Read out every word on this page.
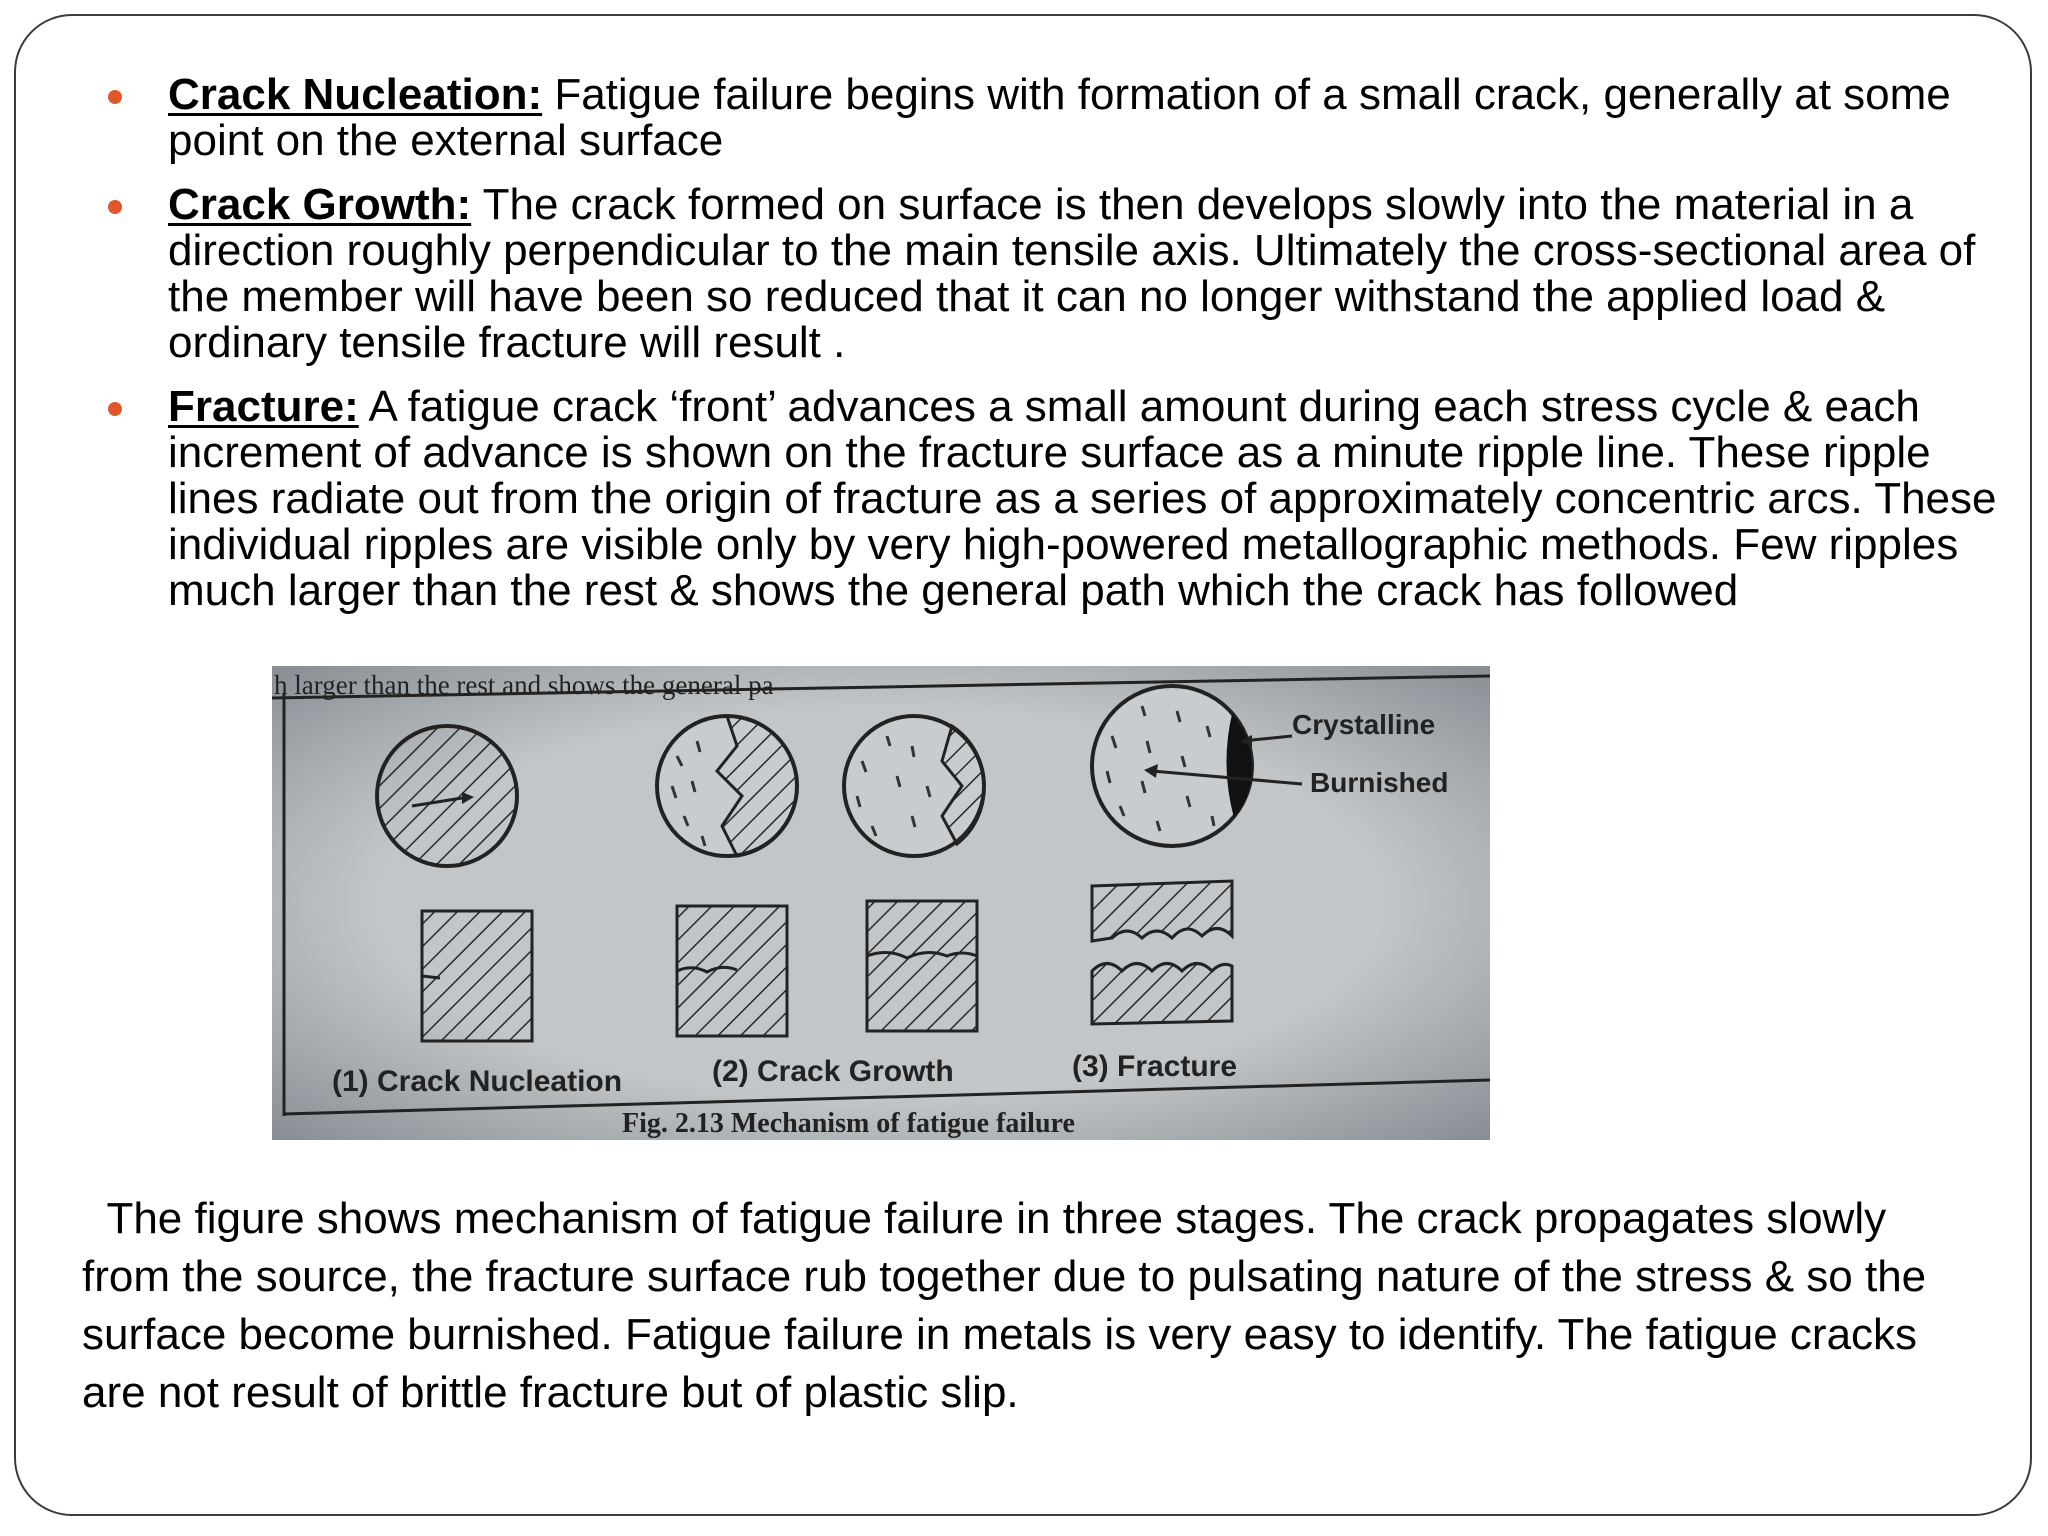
Crack Nucleation: Fatigue failure begins with formation of a small crack, generally at some point on the external surface
Crack Growth: The crack formed on surface is then develops slowly into the material in a direction roughly perpendicular to the main tensile axis. Ultimately the cross-sectional area of the member will have been so reduced that it can no longer withstand the applied load & ordinary tensile fracture will result .
Fracture: A fatigue crack ‘front’ advances a small amount during each stress cycle & each increment of advance is shown on the fracture surface as a minute ripple line. These ripple lines radiate out from the origin of fracture as a series of approximately concentric arcs. These individual ripples are visible only by very high-powered metallographic methods. Few ripples much larger than the rest & shows the general path which the crack has followed
h larger than the rest and shows the general pa
Crystalline
Burnished
(1) Crack Nucleation	(2) Crack Growth	(3) Fracture
Fig. 2.13 Mechanism of fatigue failure

The figure shows mechanism of fatigue failure in three stages. The crack propagates slowly from the source, the fracture surface rub together due to pulsating nature of the stress & so the surface become burnished. Fatigue failure in metals is very easy to identify. The fatigue cracks are not result of brittle fracture but of plastic slip.
